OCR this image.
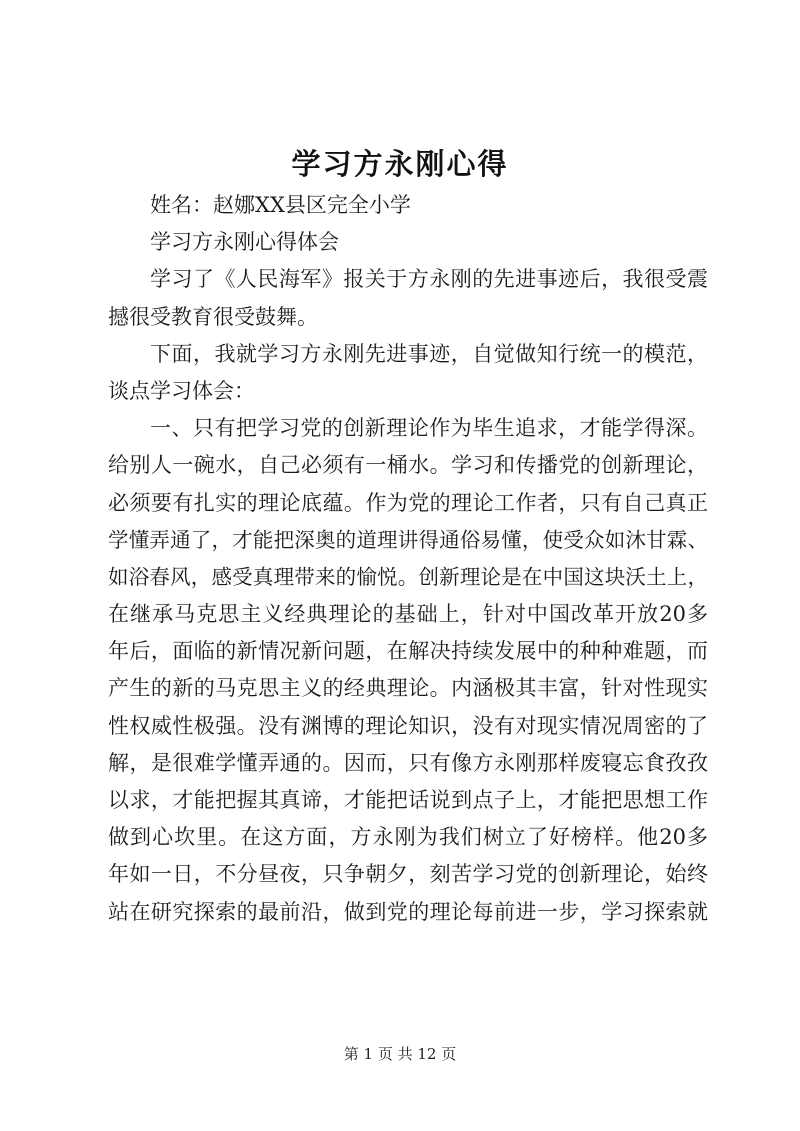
学习方永刚心得
姓名：赵娜XX县区完全小学
学习方永刚心得体会
学习了《人民海军》报关于方永刚的先进事迹后，我很受震
撼很受教育很受鼓舞。
下面，我就学习方永刚先进事迹，自觉做知行统一的模范，
谈点学习体会：
一、只有把学习党的创新理论作为毕生追求，才能学得深。
给别人一碗水，自己必须有一桶水。学习和传播党的创新理论，
必须要有扎实的理论底蕴。作为党的理论工作者，只有自己真正
学懂弄通了，才能把深奥的道理讲得通俗易懂，使受众如沐甘霖、
如浴春风，感受真理带来的愉悦。创新理论是在中国这块沃土上，
在继承马克思主义经典理论的基础上，针对中国改革开放20多
年后，面临的新情况新问题，在解决持续发展中的种种难题，而
产生的新的马克思主义的经典理论。内涵极其丰富，针对性现实
性权威性极强。没有渊博的理论知识，没有对现实情况周密的了
解，是很难学懂弄通的。因而，只有像方永刚那样废寝忘食孜孜
以求，才能把握其真谛，才能把话说到点子上，才能把思想工作
做到心坎里。在这方面，方永刚为我们树立了好榜样。他20多
年如一日，不分昼夜，只争朝夕，刻苦学习党的创新理论，始终
站在研究探索的最前沿，做到党的理论每前进一步，学习探索就
第 1 页 共 12 页
